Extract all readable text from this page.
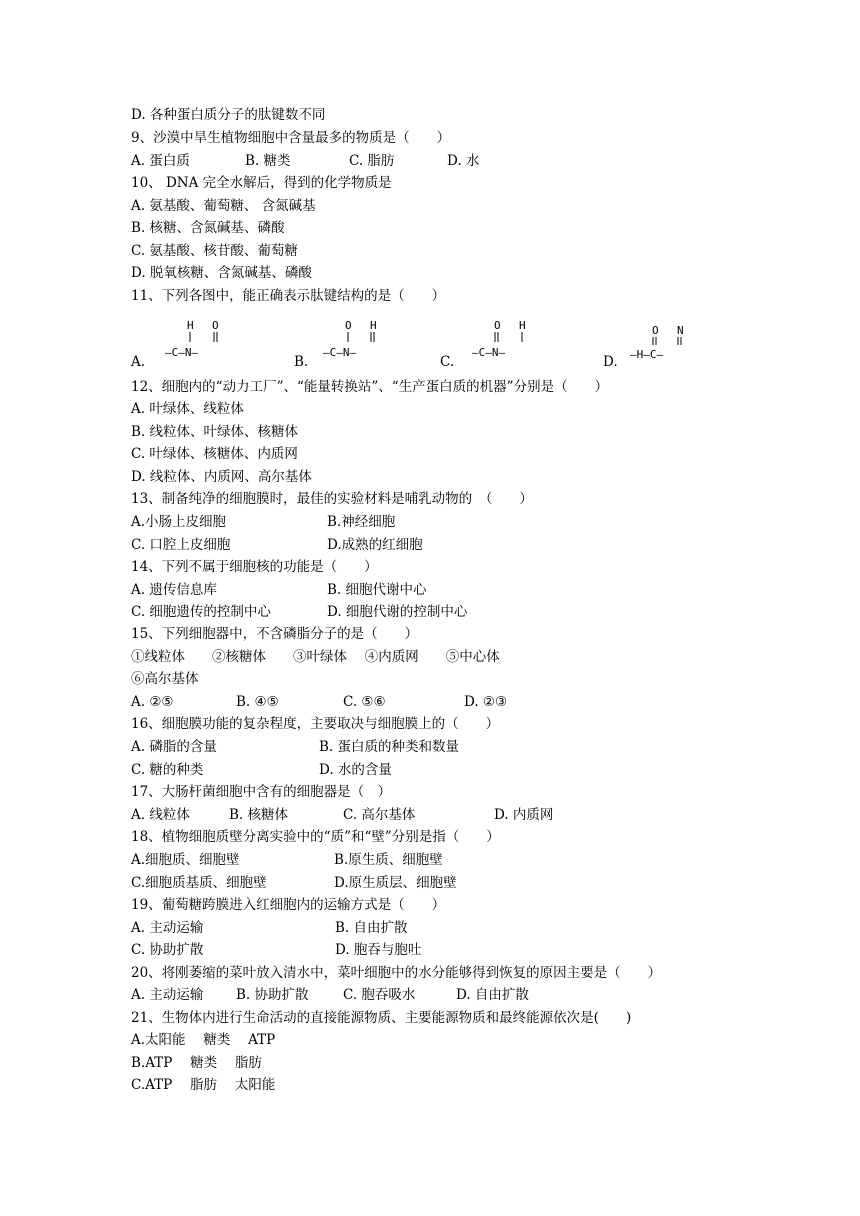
D. 各种蛋白质分子的肽键数不同
9、沙漠中旱生植物细胞中含量最多的物质是（　　）
A. 蛋白质	B. 糖类	C. 脂肪	D. 水
10、 DNA 完全水解后，得到的化学物质是
A. 氨基酸、葡萄糖、 含氮碱基
B. 核糖、含氮碱基、磷酸
C. 氨基酸、核苷酸、葡萄糖
D. 脱氧核糖、含氮碱基、磷酸
11、下列各图中，能正确表示肽键结构的是（　　）
A.
H O
—C—N—
B.
O H
—C—N—
C.
O H
—C—N—
D.
O N
—H—C—
12、细胞内的“动力工厂”、“能量转换站”、“生产蛋白质的机器”分别是（　　）
A. 叶绿体、线粒体
B. 线粒体、叶绿体、核糖体
C. 叶绿体、核糖体、内质网
D. 线粒体、内质网、高尔基体
13、制备纯净的细胞膜时，最佳的实验材料是哺乳动物的　（　　）
A.小肠上皮细胞	B.神经细胞
C. 口腔上皮细胞	D.成熟的红细胞
14、下列不属于细胞核的功能是（　　）
A. 遗传信息库	B. 细胞代谢中心
C. 细胞遗传的控制中心	D. 细胞代谢的控制中心
15、下列细胞器中，不含磷脂分子的是（　　）
①线粒体　　②核糖体　　③叶绿体　 ④内质网　　⑤中心体
⑥高尔基体
A. ②⑤	B. ④⑤	C. ⑤⑥	D. ②③
16、细胞膜功能的复杂程度，主要取决与细胞膜上的（　　）
A. 磷脂的含量	B. 蛋白质的种类和数量
C. 糖的种类	D. 水的含量
17、大肠杆菌细胞中含有的细胞器是（　）
A. 线粒体	B. 核糖体	C. 高尔基体	D. 内质网
18、植物细胞质壁分离实验中的“质”和“壁”分别是指（　　）
A.细胞质、细胞壁	B.原生质、细胞壁
C.细胞质基质、细胞壁	D.原生质层、细胞壁
19、葡萄糖跨膜进入红细胞内的运输方式是（　　）
A. 主动运输	B. 自由扩散
C. 协助扩散	D. 胞吞与胞吐
20、将刚萎缩的菜叶放入清水中，菜叶细胞中的水分能够得到恢复的原因主要是（　　）
A. 主动运输 B. 协助扩散	C. 胞吞吸水	D. 自由扩散
21、生物体内进行生命活动的直接能源物质、主要能源物质和最终能源依次是(　　)
A.太阳能　 糖类　 ATP
B.ATP　 糖类　 脂肪
C.ATP　 脂肪　 太阳能
